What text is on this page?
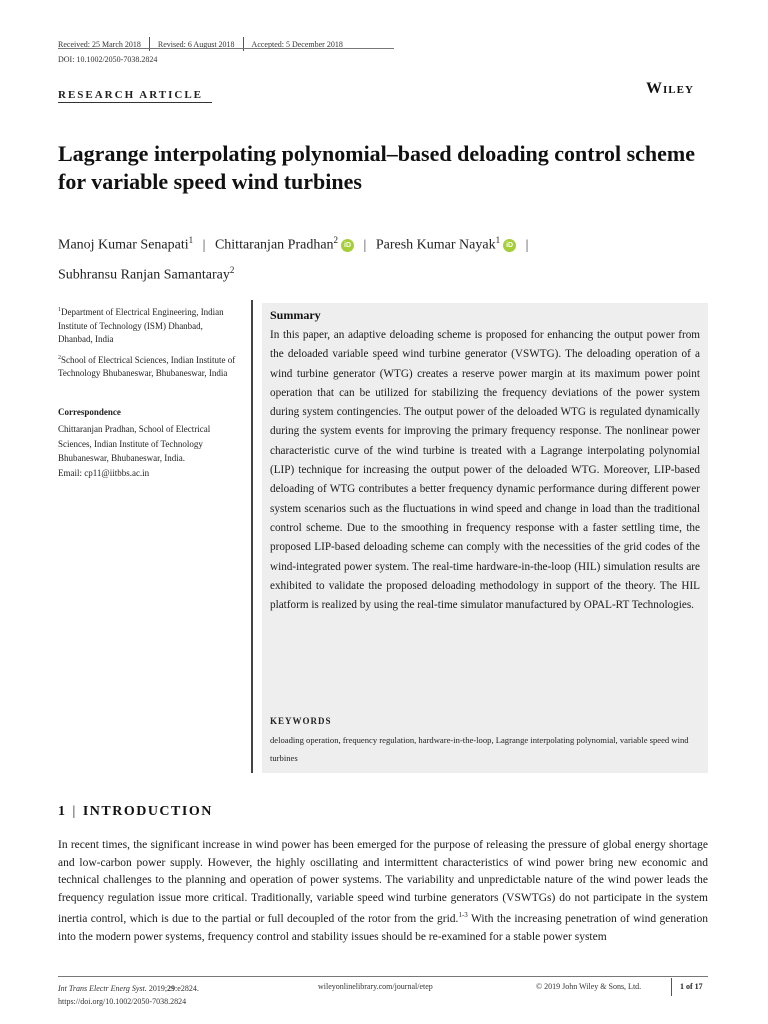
Received: 25 March 2018 Revised: 6 August 2018 Accepted: 5 December 2018
DOI: 10.1002/2050-7038.2824
RESEARCH ARTICLE	Wiley
Lagrange interpolating polynomial–based deloading control scheme for variable speed wind turbines
Manoj Kumar Senapati$^1$ | Chittaranjan Pradhan$^2$iD | Paresh Kumar Nayak$^1$iD |
Subhransu Ranjan Samantaray$^2$

$^1$Department of Electrical Engineering, Indian Institute of Technology (ISM) Dhanbad, Dhanbad, India

$^2$School of Electrical Sciences, Indian Institute of Technology Bhubaneswar, Bhubaneswar, India

Correspondence
Chittaranjan Pradhan, School of Electrical Sciences, Indian Institute of Technology Bhubaneswar, Bhubaneswar, India.
Email: cp11@iitbbs.ac.in
Summary
In this paper, an adaptive deloading scheme is proposed for enhancing the output power from the deloaded variable speed wind turbine generator (VSWTG). The deloading operation of a wind turbine generator (WTG) creates a reserve power margin at its maximum power point operation that can be utilized for stabilizing the frequency deviations of the power system during system contingencies. The output power of the deloaded WTG is regulated dynamically during the system events for improving the primary frequency response. The nonlinear power characteristic curve of the wind turbine is treated with a Lagrange interpolating polynomial (LIP) technique for increasing the output power of the deloaded WTG. Moreover, LIP-based deloading of WTG contributes a better frequency dynamic performance during different power system scenarios such as the fluctuations in wind speed and change in load than the traditional control scheme. Due to the smoothing in frequency response with a faster settling time, the proposed LIP-based deloading scheme can comply with the necessities of the grid codes of the wind-integrated power system. The real-time hardware-in-the-loop (HIL) simulation results are exhibited to validate the proposed deloading methodology in support of the theory. The HIL platform is realized by using the real-time simulator manufactured by OPAL-RT Technologies.
KEYWORDS
deloading operation, frequency regulation, hardware-in-the-loop, Lagrange interpolating polynomial, variable speed wind turbines
1 | INTRODUCTION
In recent times, the significant increase in wind power has been emerged for the purpose of releasing the pressure of global energy shortage and low-carbon power supply. However, the highly oscillating and intermittent characteristics of wind power bring new economic and technical challenges to the planning and operation of power systems. The variability and unpredictable nature of the wind power leads the frequency regulation issue more critical. Traditionally, variable speed wind turbine generators (VSWTGs) do not participate in the system inertia control, which is due to the partial or full decoupled of the rotor from the grid.$^{1-3}$ With the increasing penetration of wind generation into the modern power systems, frequency control and stability issues should be re-examined for a stable power system
Int Trans Electr Energ Syst. 2019;29:e2824.
https://doi.org/10.1002/2050-7038.2824
wileyonlinelibrary.com/journal/etep	© 2019 John Wiley & Sons, Ltd.	1 of 17
